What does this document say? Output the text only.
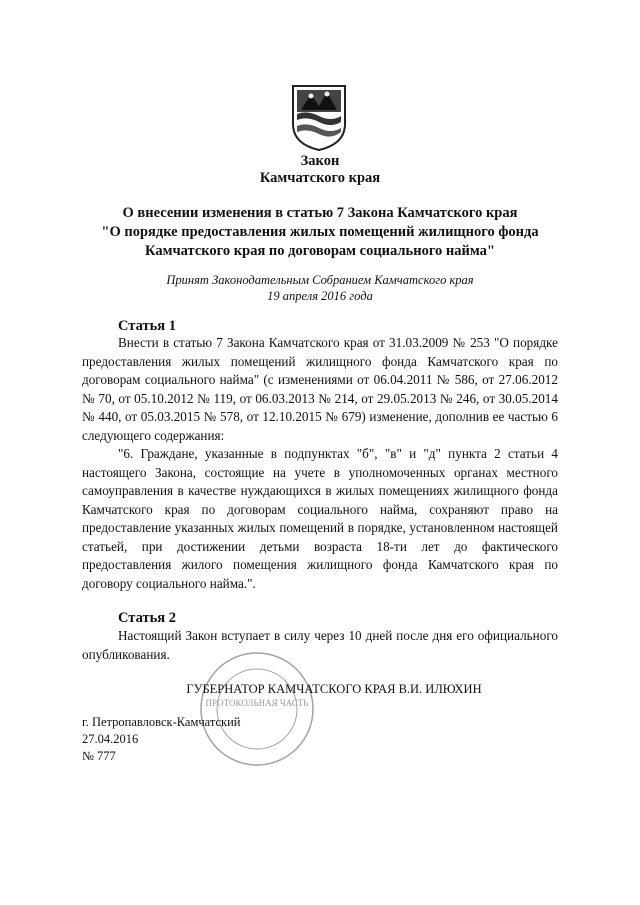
Закон
Камчатского края
О внесении изменения в статью 7 Закона Камчатского края
"О порядке предоставления жилых помещений жилищного фонда
Камчатского края по договорам социального найма"
Принят Законодательным Собранием Камчатского края
19 апреля 2016 года
Статья 1

Внести в статью 7 Закона Камчатского края от 31.03.2009 № 253 "О порядке предоставления жилых помещений жилищного фонда Камчатского края по договорам социального найма" (с изменениями от 06.04.2011 № 586, от 27.06.2012 № 70, от 05.10.2012 № 119, от 06.03.2013 № 214, от 29.05.2013 № 246, от 30.05.2014 № 440, от 05.03.2015 № 578, от 12.10.2015 № 679) изменение, дополнив ее частью 6 следующего содержания:

"6. Граждане, указанные в подпунктах "б", "в" и "д" пункта 2 статьи 4 настоящего Закона, состоящие на учете в уполномоченных органах местного самоуправления в качестве нуждающихся в жилых помещениях жилищного фонда Камчатского края по договорам социального найма, сохраняют право на предоставление указанных жилых помещений в порядке, установленном настоящей статьей, при достижении детьми возраста 18-ти лет до фактического предоставления жилого помещения жилищного фонда Камчатского края по договору социального найма.".

Статья 2

Настоящий Закон вступает в силу через 10 дней после дня его официального опубликования.

ПРОТОКОЛЬНАЯ ЧАСТЬ
ГУБЕРНАТОР КАМЧАТСКОГО КРАЯ В.И. ИЛЮХИН
г. Петропавловск-Камчатский
27.04.2016
№ 777
